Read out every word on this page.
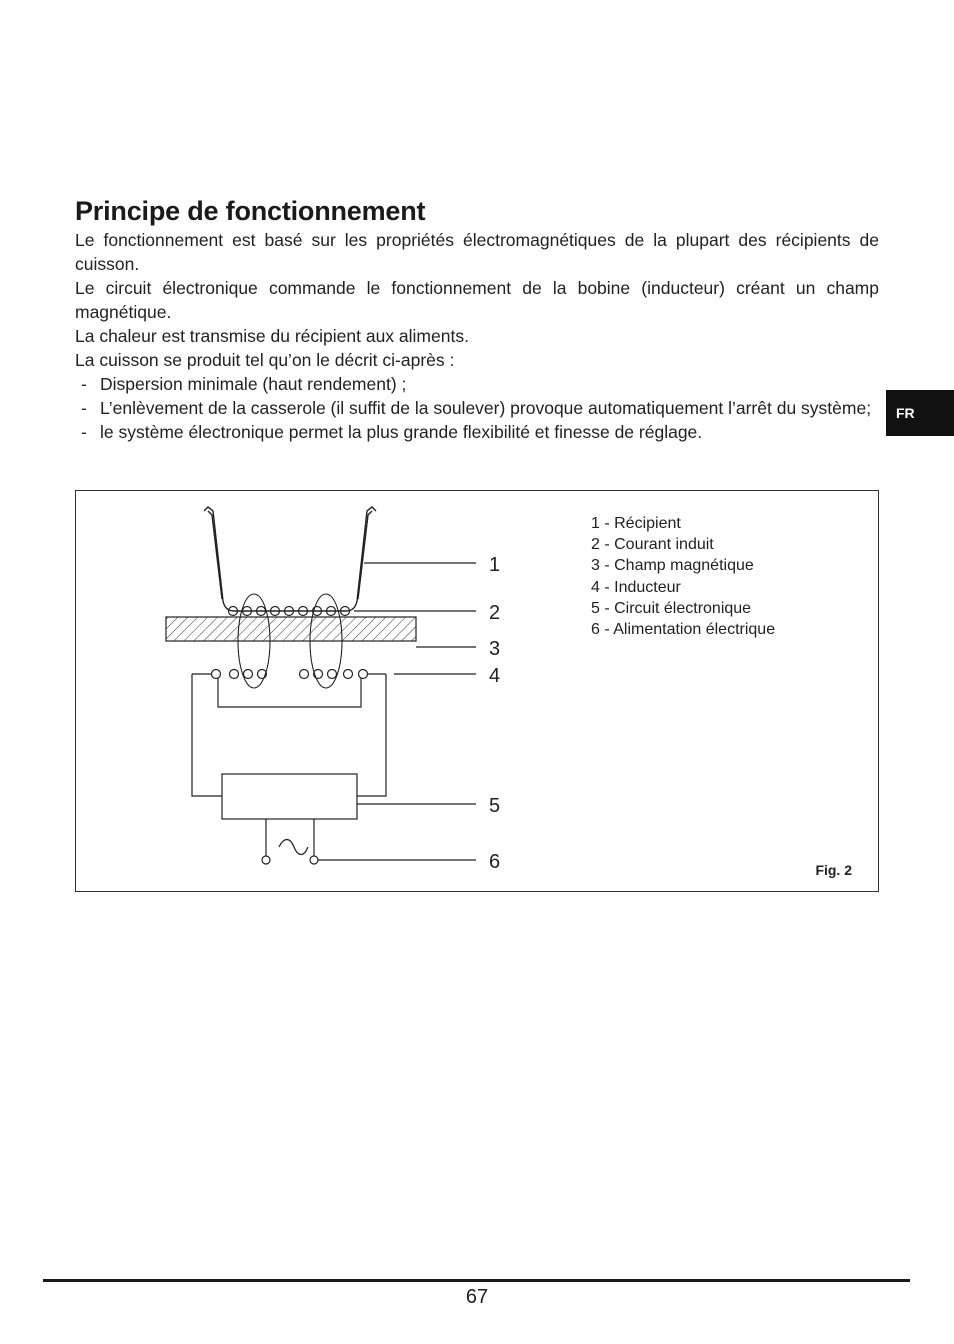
Principe de fonctionnement

Le fonctionnement est basé sur les propriétés électromagnétiques de la plupart des récipients de cuisson.

Le circuit électronique commande le fonctionnement de la bobine (inducteur) créant un champ magnétique.

La chaleur est transmise du récipient aux aliments.

La cuisson se produit tel qu’on le décrit ci-après :

- Dispersion minimale (haut rendement) ;
- L’enlèvement de la casserole (il suffit de la soulever) provoque automatiquement l’arrêt du système;
- le système électronique permet la plus grande flexibilité et finesse de réglage.
FR
1
2
3
4
5
6
1 - Récipient
2 - Courant induit
3 - Champ magnétique
4 - Inducteur
5 - Circuit électronique
6 - Alimentation électrique
Fig. 2
67
